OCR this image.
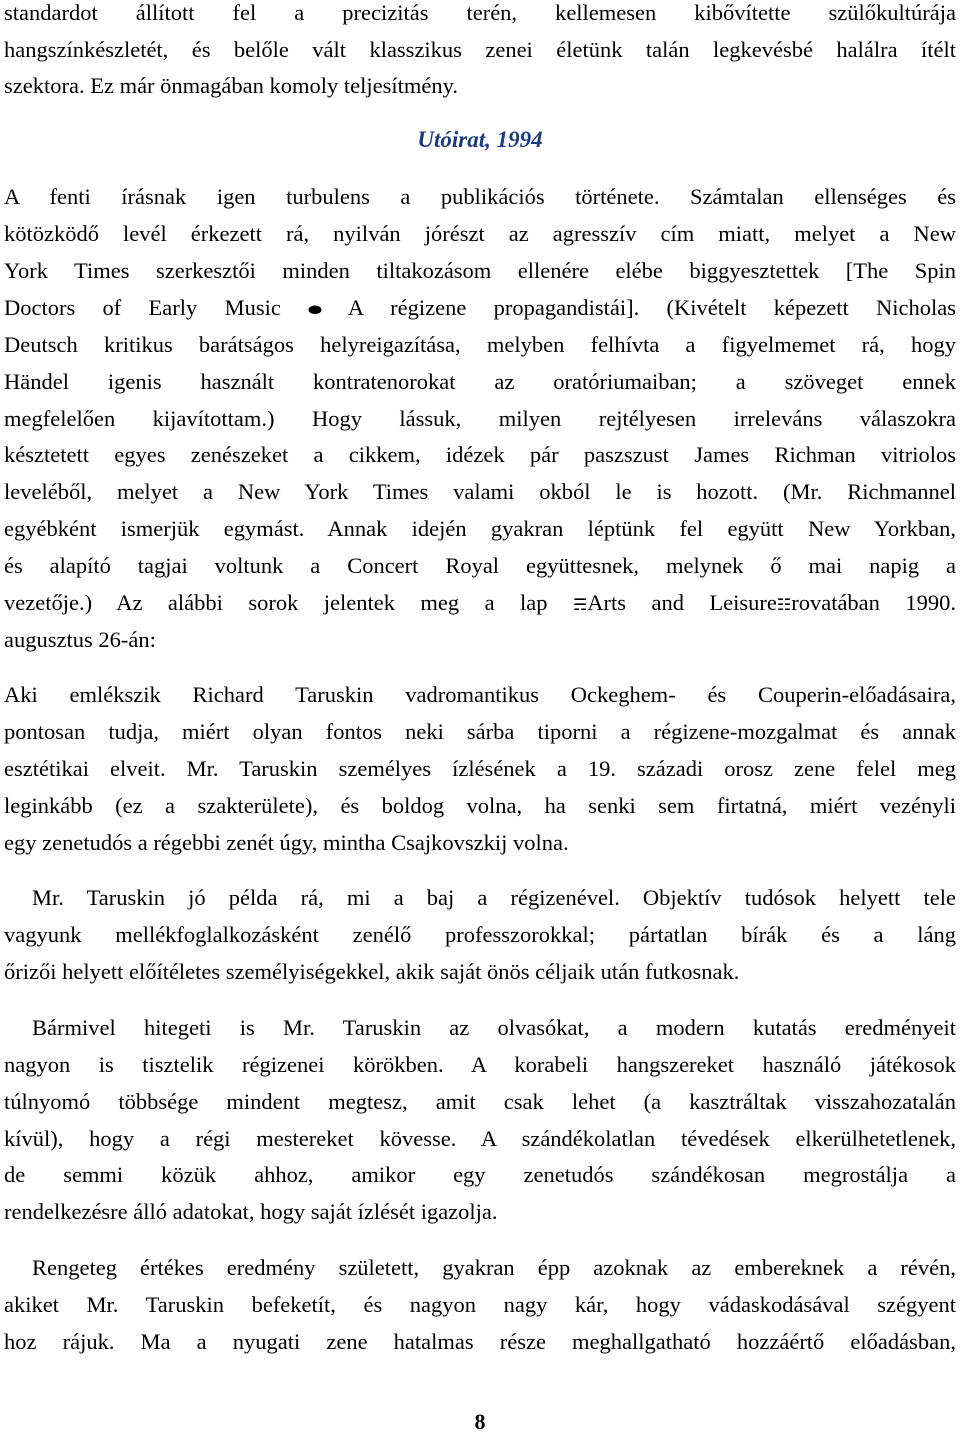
standardot állított fel a precizitás terén, kellemesen kibővítette szülőkultúrája
hangszínkészletét, és belőle vált klasszikus zenei életünk talán legkevésbé halálra ítélt
szektora. Ez már önmagában komoly teljesítmény.
Utóirat, 1994
A fenti írásnak igen turbulens a publikációs története. Számtalan ellenséges és
kötözködő levél érkezett rá, nyilván jórészt az agresszív cím miatt, melyet a New
York Times szerkesztői minden tiltakozásom ellenére elébe biggyesztettek [The Spin
Doctors of Early Music ⬬ A régizene propagandistái]. (Kivételt képezett Nicholas
Deutsch kritikus barátságos helyreigazítása, melyben felhívta a figyelmemet rá, hogy
Händel igenis használt kontratenorokat az oratóriumaiban; a szöveget ennek
megfelelően kijavítottam.) Hogy lássuk, milyen rejtélyesen irreleváns válaszokra
késztetett egyes zenészeket a cikkem, idézek pár paszszust James Richman vitriolos
leveléből, melyet a New York Times valami okból le is hozott. (Mr. Richmannel
egyébként ismerjük egymást. Annak idején gyakran léptünk fel együtt New Yorkban,
és alapító tagjai voltunk a Concert Royal együttesnek, melynek ő mai napig a
vezetője.) Az alábbi sorok jelentek meg a lap ☴Arts and Leisure☷rovatában 1990.
augusztus 26-án:
Aki emlékszik Richard Taruskin vadromantikus Ockeghem- és Couperin-előadásaira,
pontosan tudja, miért olyan fontos neki sárba tiporni a régizene-mozgalmat és annak
esztétikai elveit. Mr. Taruskin személyes ízlésének a 19. századi orosz zene felel meg
leginkább (ez a szakterülete), és boldog volna, ha senki sem firtatná, miért vezényli
egy zenetudós a régebbi zenét úgy, mintha Csajkovszkij volna.
Mr. Taruskin jó példa rá, mi a baj a régizenével. Objektív tudósok helyett tele
vagyunk mellékfoglalkozásként zenélő professzorokkal; pártatlan bírák és a láng
őrizői helyett előítéletes személyiségekkel, akik saját önös céljaik után futkosnak.
Bármivel hitegeti is Mr. Taruskin az olvasókat, a modern kutatás eredményeit
nagyon is tisztelik régizenei körökben. A korabeli hangszereket használó játékosok
túlnyomó többsége mindent megtesz, amit csak lehet (a kasztráltak visszahozatalán
kívül), hogy a régi mestereket kövesse. A szándékolatlan tévedések elkerülhetetlenek,
de semmi közük ahhoz, amikor egy zenetudós szándékosan megrostálja a
rendelkezésre álló adatokat, hogy saját ízlését igazolja.
Rengeteg értékes eredmény született, gyakran épp azoknak az embereknek a révén,
akiket Mr. Taruskin befeketít, és nagyon nagy kár, hogy vádaskodásával szégyent
hoz rájuk. Ma a nyugati zene hatalmas része meghallgatható hozzáértő előadásban,
8
